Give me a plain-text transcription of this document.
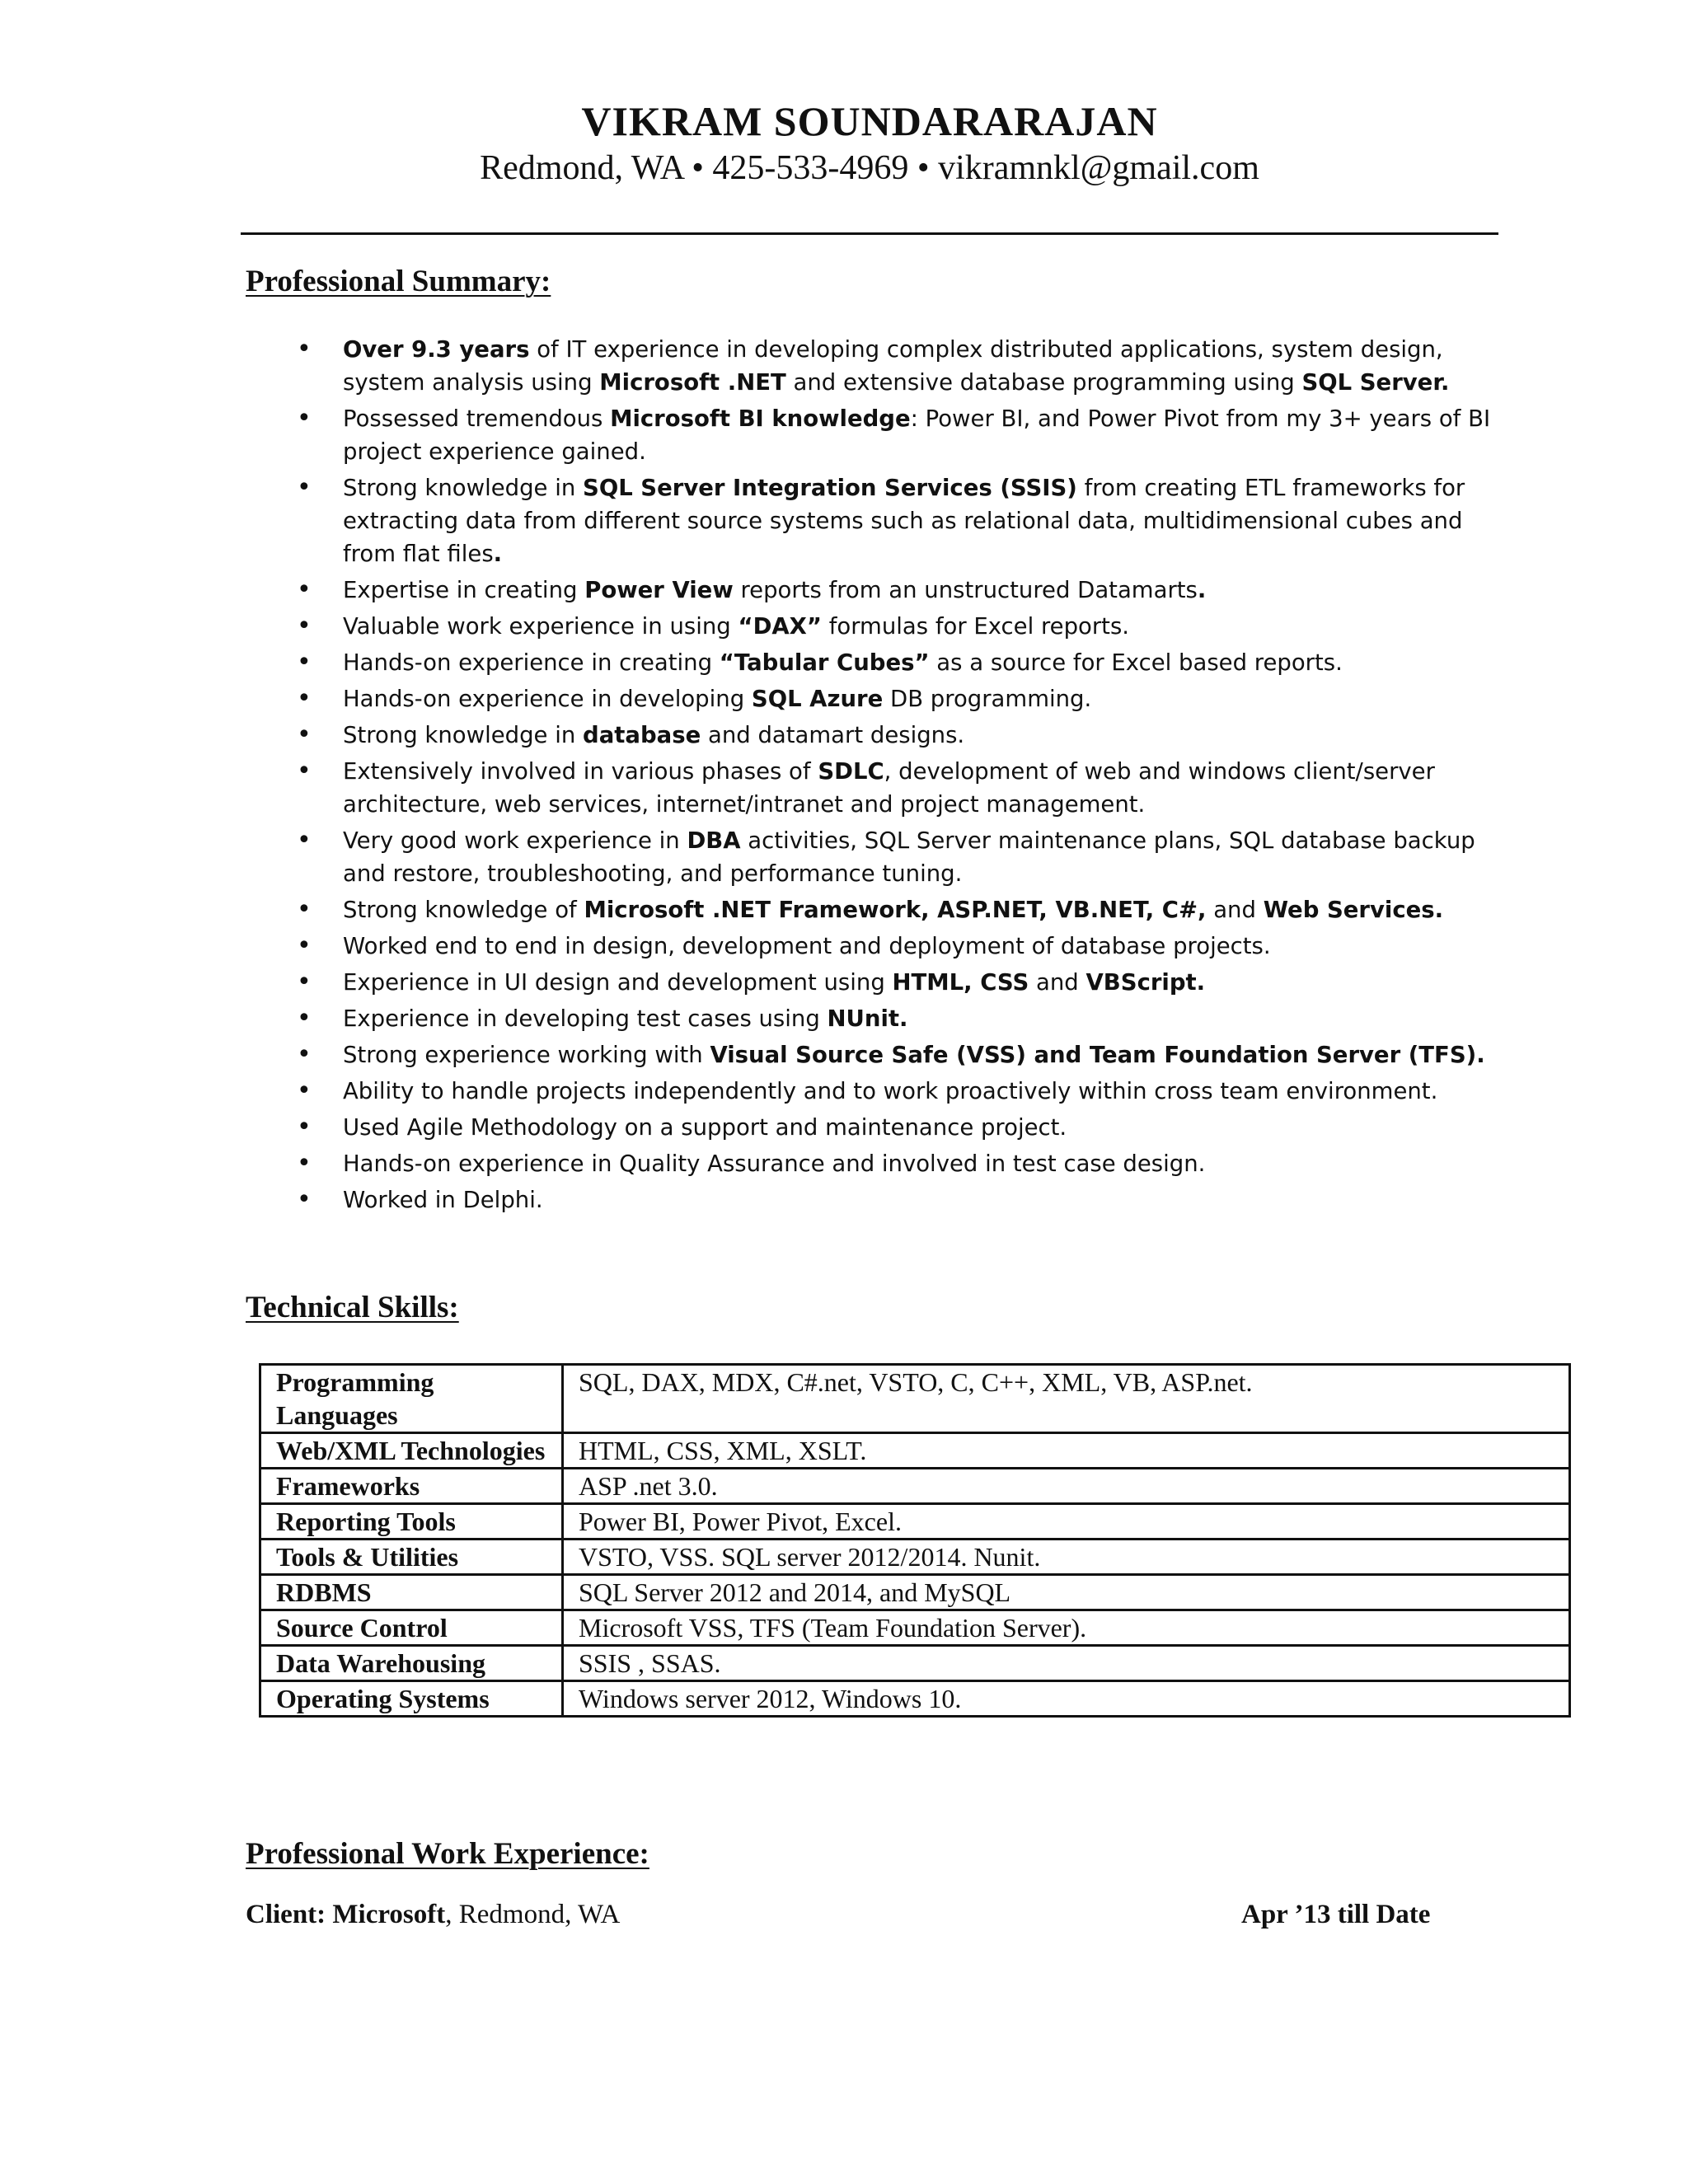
VIKRAM SOUNDARARAJAN
Redmond, WA • 425-533-4969 • vikramnkl@gmail.com
Professional Summary:
• Over 9.3 years of IT experience in developing complex distributed applications, system design, system analysis using Microsoft .NET and extensive database programming using SQL Server.
• Possessed tremendous Microsoft BI knowledge: Power BI, and Power Pivot from my 3+ years of BI project experience gained.
• Strong knowledge in SQL Server Integration Services (SSIS) from creating ETL frameworks for extracting data from different source systems such as relational data, multidimensional cubes and from flat files.
• Expertise in creating Power View reports from an unstructured Datamarts.
• Valuable work experience in using “DAX” formulas for Excel reports.
• Hands-on experience in creating “Tabular Cubes” as a source for Excel based reports.
• Hands-on experience in developing SQL Azure DB programming.
• Strong knowledge in database and datamart designs.
• Extensively involved in various phases of SDLC, development of web and windows client/server architecture, web services, internet/intranet and project management.
• Very good work experience in DBA activities, SQL Server maintenance plans, SQL database backup and restore, troubleshooting, and performance tuning.
• Strong knowledge of Microsoft .NET Framework, ASP.NET, VB.NET, C#, and Web Services.
• Worked end to end in design, development and deployment of database projects.
• Experience in UI design and development using HTML, CSS and VBScript.
• Experience in developing test cases using NUnit.
• Strong experience working with Visual Source Safe (VSS) and Team Foundation Server (TFS).
• Ability to handle projects independently and to work proactively within cross team environment.
• Used Agile Methodology on a support and maintenance project.
• Hands-on experience in Quality Assurance and involved in test case design.
• Worked in Delphi.
Technical Skills:
Programming Languages	SQL, DAX, MDX, C#.net, VSTO, C, C++, XML, VB, ASP.net.
Web/XML Technologies	HTML, CSS, XML, XSLT.
Frameworks	ASP .net 3.0.
Reporting Tools	Power BI, Power Pivot, Excel.
Tools & Utilities	VSTO, VSS. SQL server 2012/2014. Nunit.
RDBMS	SQL Server 2012 and 2014, and MySQL
Source Control	Microsoft VSS, TFS (Team Foundation Server).
Data Warehousing	SSIS , SSAS.
Operating Systems	Windows server 2012, Windows 10.
Professional Work Experience:
Client: Microsoft, Redmond, WA	Apr ’13 till Date
